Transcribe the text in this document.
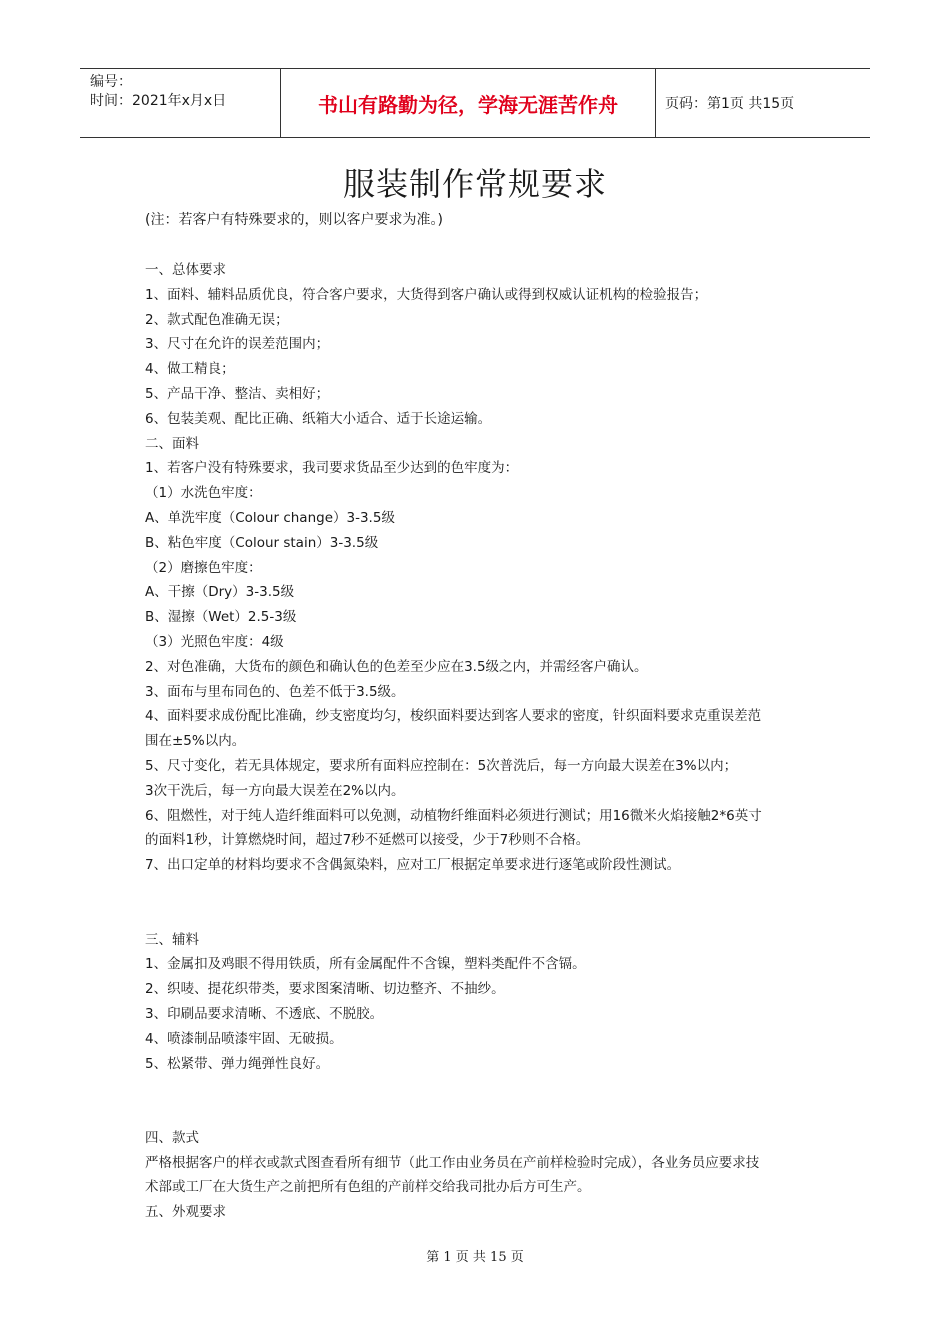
编号：
时间：2021年x月x日	书山有路勤为径，学海无涯苦作舟	页码：第1页 共15页
服装制作常规要求
(注：若客户有特殊要求的，则以客户要求为准。)
一、总体要求
1、面料、辅料品质优良，符合客户要求，大货得到客户确认或得到权威认证机构的检验报告；
2、款式配色准确无误；
3、尺寸在允许的误差范围内；
4、做工精良；
5、产品干净、整洁、卖相好；
6、包装美观、配比正确、纸箱大小适合、适于长途运输。
二、面料
1、若客户没有特殊要求，我司要求货品至少达到的色牢度为：
（1）水洗色牢度：
A、单洗牢度（Colour change）3-3.5级
B、粘色牢度（Colour stain）3-3.5级
（2）磨擦色牢度：
A、干擦（Dry）3-3.5级
B、湿擦（Wet）2.5-3级
（3）光照色牢度：4级
2、对色准确，大货布的颜色和确认色的色差至少应在3.5级之内，并需经客户确认。
3、面布与里布同色的、色差不低于3.5级。
4、面料要求成份配比准确，纱支密度均匀，梭织面料要达到客人要求的密度，针织面料要求克重误差范
围在±5%以内。
5、尺寸变化，若无具体规定，要求所有面料应控制在：5次普洗后，每一方向最大误差在3%以内；
3次干洗后，每一方向最大误差在2%以内。
6、阻燃性，对于纯人造纤维面料可以免测，动植物纤维面料必须进行测试；用16微米火焰接触2*6英寸
的面料1秒，计算燃烧时间，超过7秒不延燃可以接受，少于7秒则不合格。
7、出口定单的材料均要求不含偶氮染料，应对工厂根据定单要求进行逐笔或阶段性测试。
三、辅料
1、金属扣及鸡眼不得用铁质，所有金属配件不含镍，塑料类配件不含镉。
2、织唛、提花织带类，要求图案清晰、切边整齐、不抽纱。
3、印刷品要求清晰、不透底、不脱胶。
4、喷漆制品喷漆牢固、无破损。
5、松紧带、弹力绳弹性良好。
四、款式
严格根据客户的样衣或款式图查看所有细节（此工作由业务员在产前样检验时完成），各业务员应要求技
术部或工厂在大货生产之前把所有色组的产前样交给我司批办后方可生产。
五、外观要求
第 1 页 共 15 页
